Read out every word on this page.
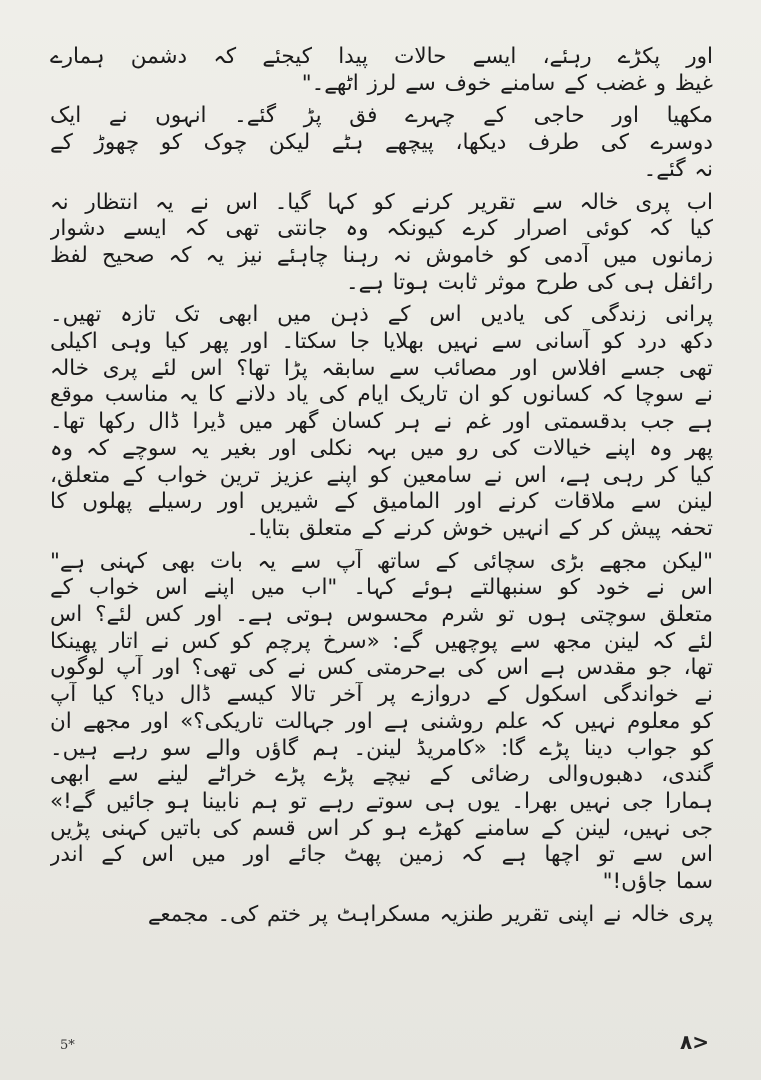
اور پکڑے رہئے، ایسے حالات پیدا کیجئے کہ دشمن ہمارے
غیظ و غضب کے سامنے خوف سے لرز اٹھے۔"
مکھیا اور حاجی کے چہرے فق پڑ گئے۔ انہوں نے ایک
دوسرے کی طرف دیکھا، پیچھے ہٹے لیکن چوک کو چھوڑ کے
نہ گئے۔
اب پری خالہ سے تقریر کرنے کو کہا گیا۔ اس نے یہ انتظار نہ
کیا کہ کوئی اصرار کرے کیونکہ وہ جانتی تھی کہ ایسے دشوار
زمانوں میں آدمی کو خاموش نہ رہنا چاہئے نیز یہ کہ صحیح لفظ
رائفل ہی کی طرح موثر ثابت ہوتا ہے۔
پرانی زندگی کی یادیں اس کے ذہن میں ابھی تک تازہ تھیں۔
دکھ درد کو آسانی سے نہیں بھلایا جا سکتا۔ اور پھر کیا وہی اکیلی
تھی جسے افلاس اور مصائب سے سابقہ پڑا تھا؟ اس لئے پری خالہ
نے سوچا کہ کسانوں کو ان تاریک ایام کی یاد دلانے کا یہ مناسب موقع
ہے جب بدقسمتی اور غم نے ہر کسان گھر میں ڈیرا ڈال رکھا تھا۔
پھر وہ اپنے خیالات کی رو میں بہہ نکلی اور بغیر یہ سوچے کہ وہ
کیا کر رہی ہے، اس نے سامعین کو اپنے عزیز ترین خواب کے متعلق،
لینن سے ملاقات کرنے اور المامیق کے شیریں اور رسیلے پھلوں کا
تحفہ پیش کر کے انہیں خوش کرنے کے متعلق بتایا۔
"لیکن مجھے بڑی سچائی کے ساتھ آپ سے یہ بات بھی کہنی ہے"
اس نے خود کو سنبھالتے ہوئے کہا۔ "اب میں اپنے اس خواب کے
متعلق سوچتی ہوں تو شرم محسوس ہوتی ہے۔ اور کس لئے؟ اس
لئے کہ لینن مجھ سے پوچھیں گے: «سرخ پرچم کو کس نے اتار پھینکا
تھا، جو مقدس ہے اس کی بےحرمتی کس نے کی تھی؟ اور آپ لوگوں
نے خواندگی اسکول کے دروازے پر آخر تالا کیسے ڈال دیا؟ کیا آپ
کو معلوم نہیں کہ علم روشنی ہے اور جہالت تاریکی؟» اور مجھے ان
کو جواب دینا پڑے گا: «کامریڈ لینن۔ ہم گاؤں والے سو رہے ہیں۔
گندی، دھبوں‌والی رضائی کے نیچے پڑے پڑے خراٹے لینے سے ابھی
ہمارا جی نہیں بھرا۔ یوں ہی سوتے رہے تو ہم نابینا ہو جائیں گے!»
جی نہیں، لینن کے سامنے کھڑے ہو کر اس قسم کی باتیں کہنی پڑیں
اس سے تو اچھا ہے کہ زمین پھٹ جائے اور میں اس کے اندر
سما جاؤں!"
پری خالہ نے اپنی تقریر طنزیہ مسکراہٹ پر ختم کی۔ مجمعے
5*	<۸
